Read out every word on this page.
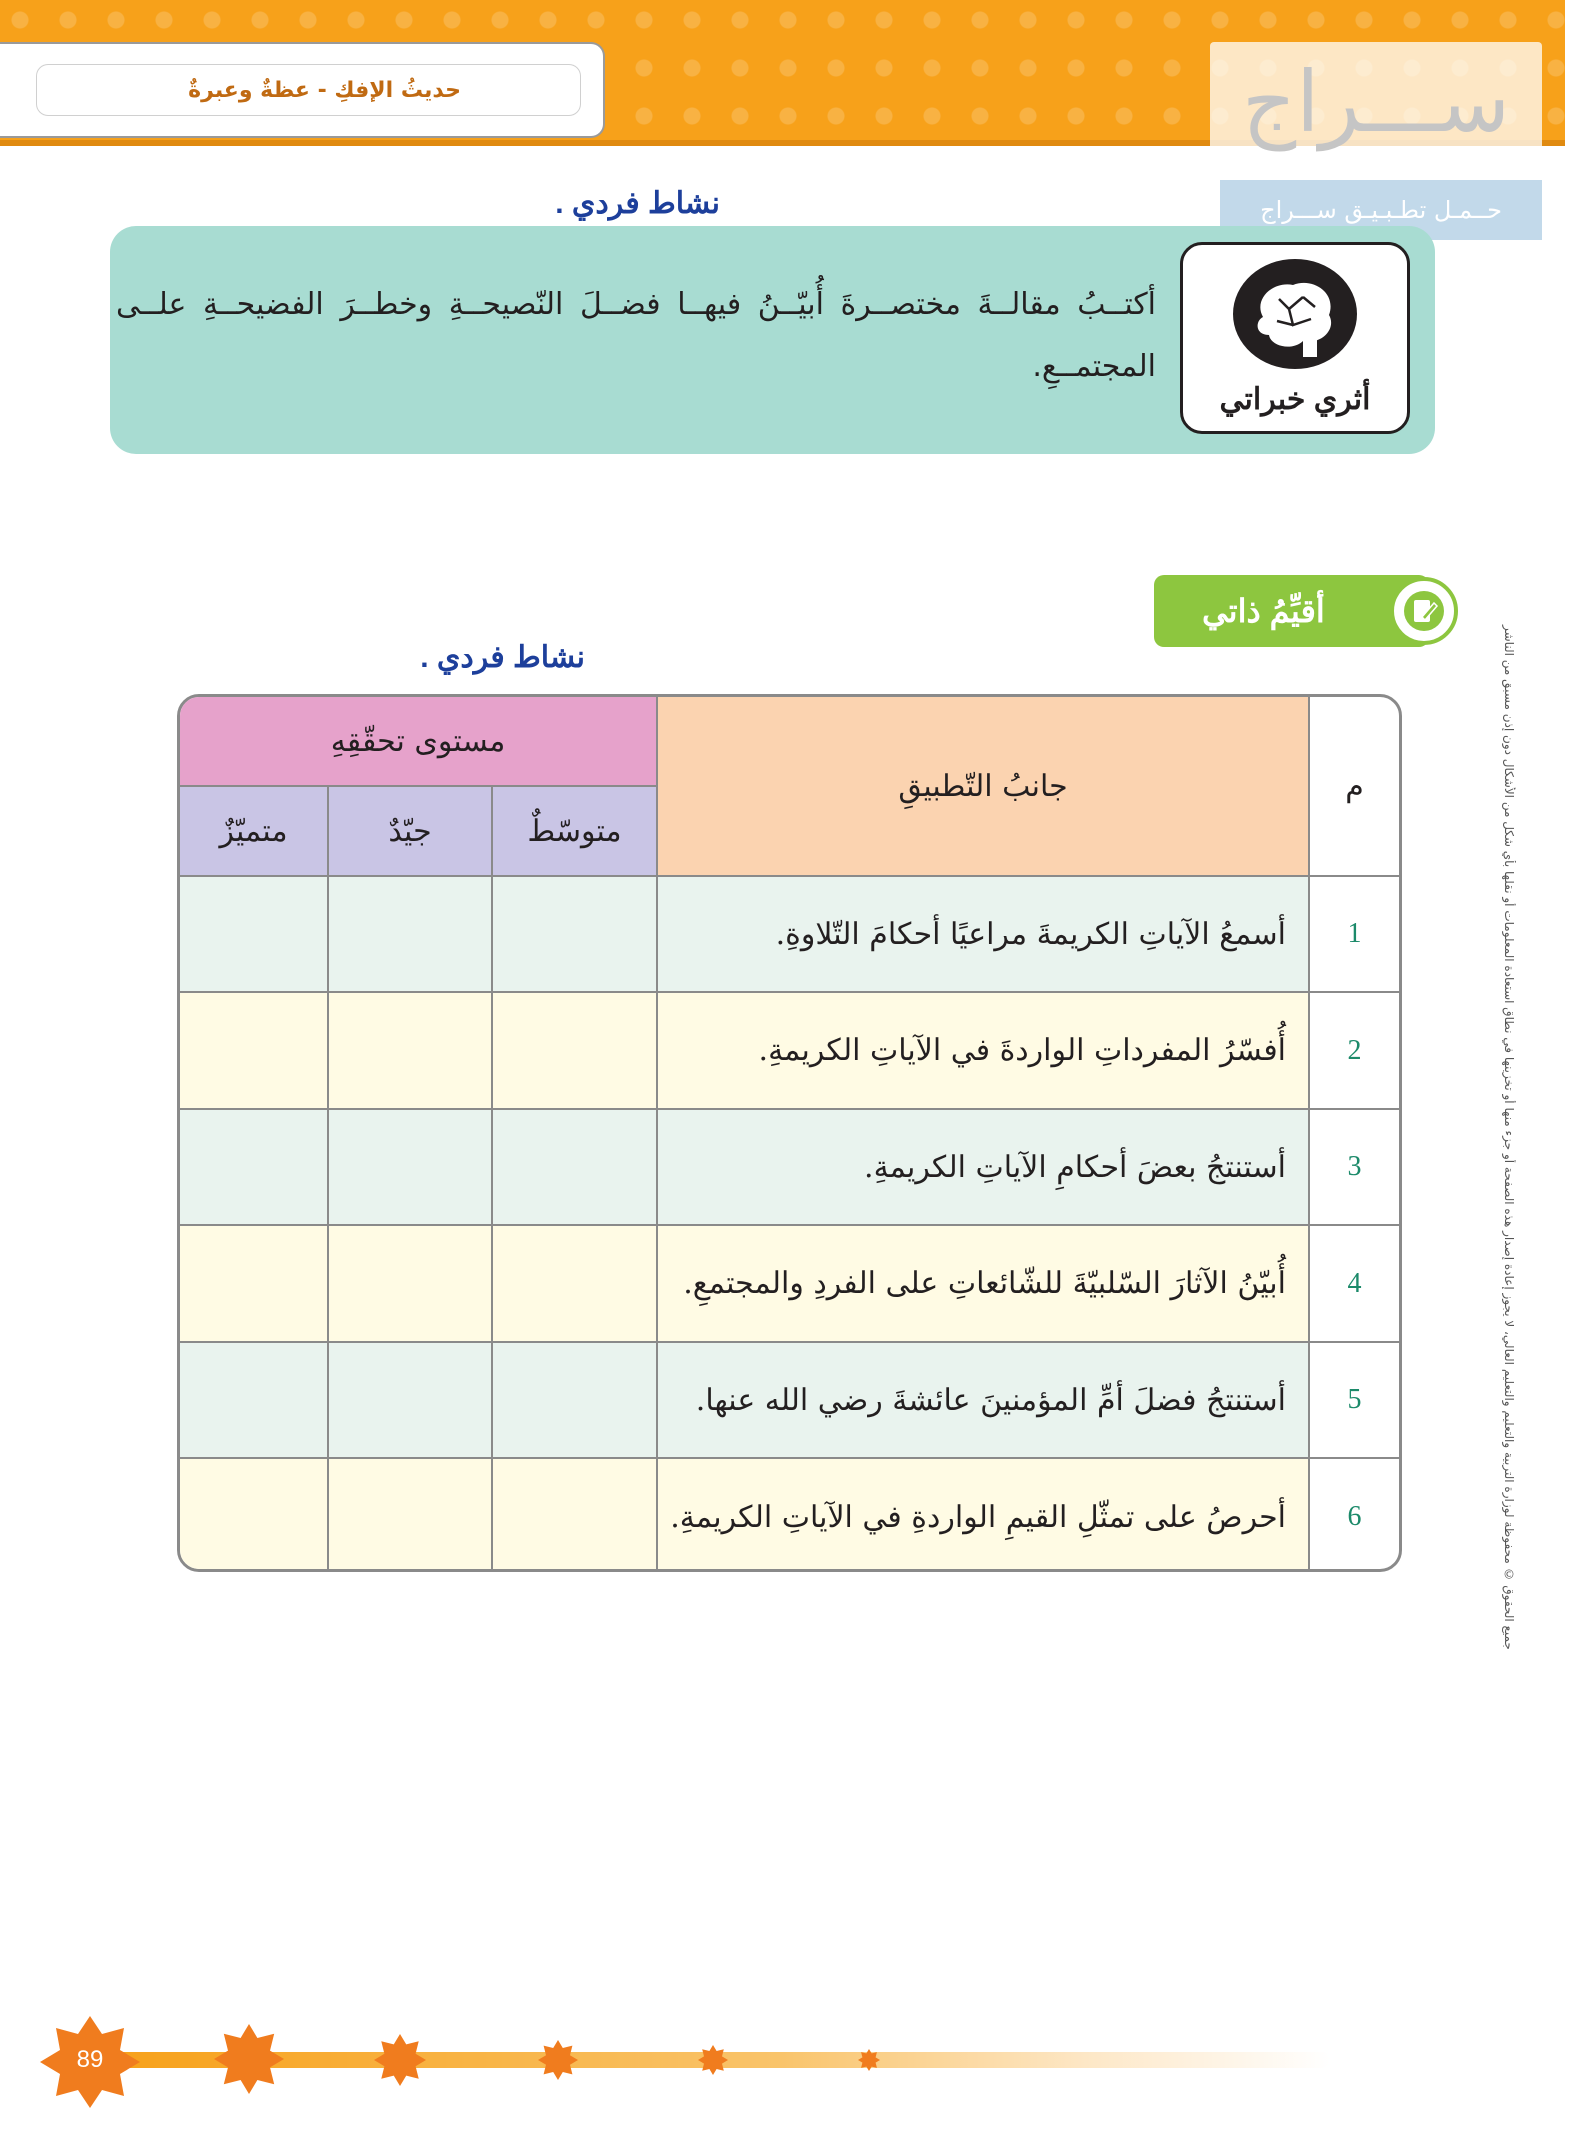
حديثُ الإفكِ - عظةٌ وعبرةٌ	ســـراج
حــمـل تطـبـيـق ســـراج
نشاط فردي .
أثري خبراتي
أكتــبُ مقالــةَ مختصــرةَ أُبيّــنُ فيهــا فضــلَ النّصيحــةِ وخطــرَ الفضيحــةِ علــى المجتمــعِ.
أقيِّمُ ذاتي
نشاط فردي .
م
جانبُ التّطبيقِ
مستوى تحقّقِهِ
متوسّطٌ
جيّدٌ
متميّزٌ
1
أسمعُ الآياتِ الكريمةَ مراعيًا أحكامَ التّلاوةِ.
2
أُفسّرُ المفرداتِ الواردةَ في الآياتِ الكريمةِ.
3
أستنتجُ بعضَ أحكامِ الآياتِ الكريمةِ.
4
أُبيّنُ الآثارَ السّلبيّةَ للشّائعاتِ على الفردِ والمجتمعِ.
5
أستنتجُ فضلَ أمِّ المؤمنينَ عائشةَ رضي الله عنها.
6
أحرصُ على تمثّلِ القيمِ الواردةِ في الآياتِ الكريمةِ.	جميع الحقوق © محفوظة لوزارة التربية والتعليم والتعليم العالي، لا يجوز إعادة إصدار هذه الصفحة أو جزء منها أو تخزينها في نطاق استعادة المعلومات أو نقلها بأي شكل من الأشكال دون إذن مسبق من الناشر
89
